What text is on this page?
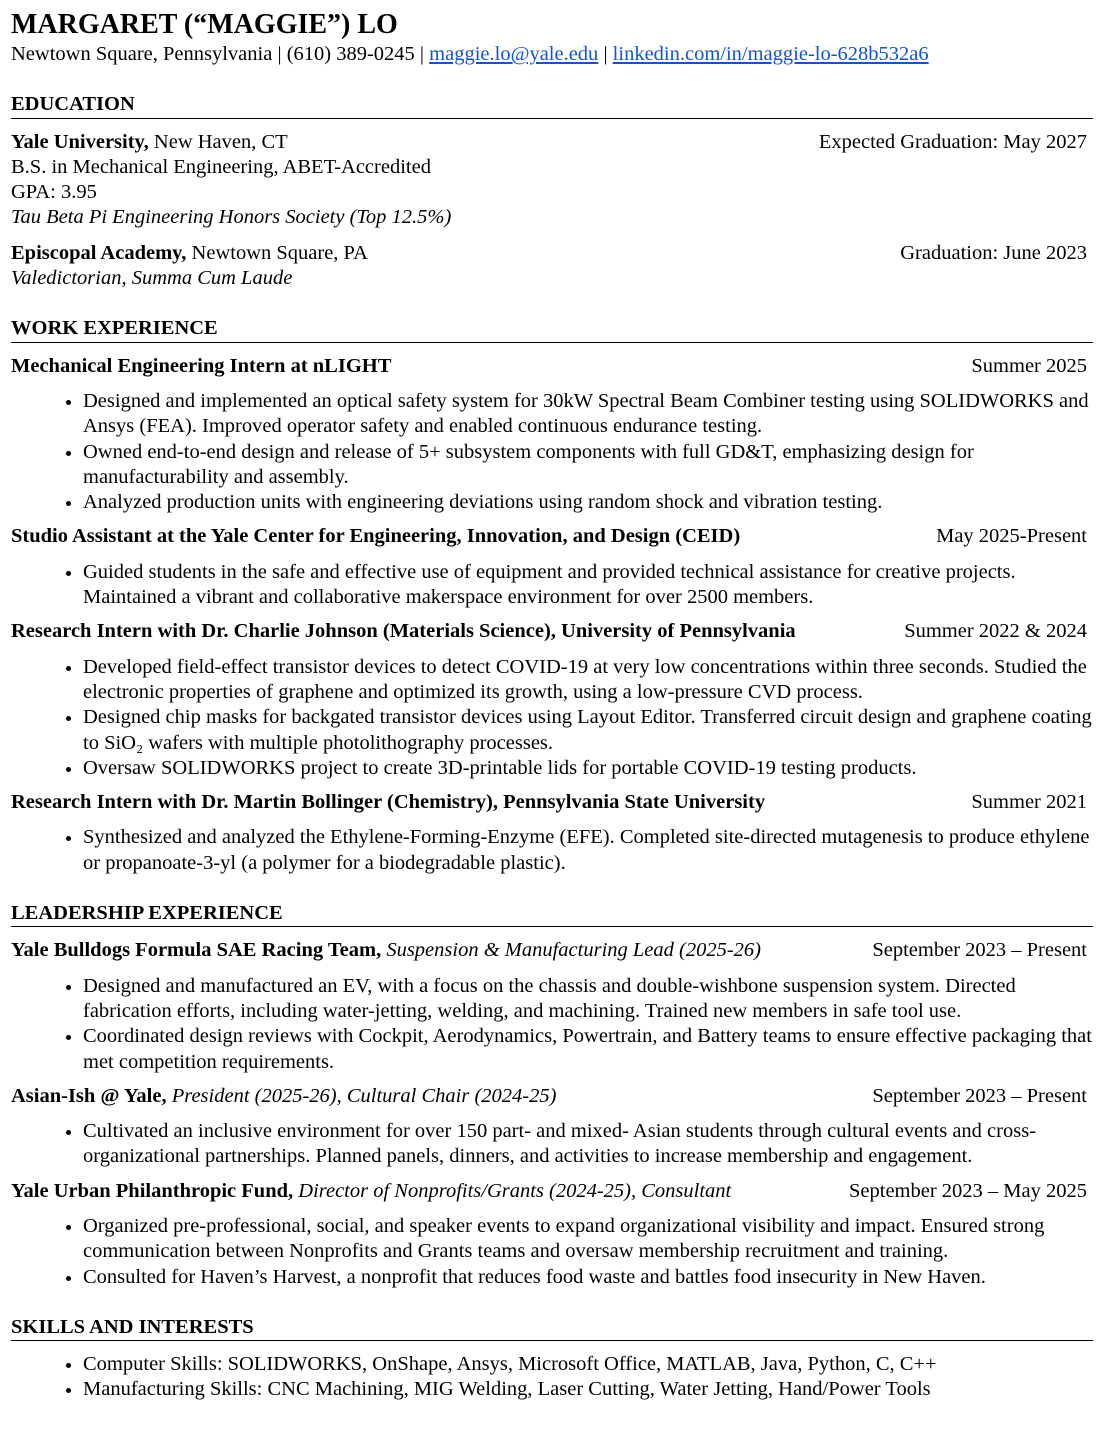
MARGARET (“MAGGIE”) LO
Newtown Square, Pennsylvania | (610) 389-0245 | maggie.lo@yale.edu | linkedin.com/in/maggie-lo-628b532a6
EDUCATION
Yale University, New Haven, CT	Expected Graduation: May 2027
B.S. in Mechanical Engineering, ABET-Accredited
GPA: 3.95
Tau Beta Pi Engineering Honors Society (Top 12.5%)
Episcopal Academy, Newtown Square, PA	Graduation: June 2023
Valedictorian, Summa Cum Laude
WORK EXPERIENCE
Mechanical Engineering Intern at nLIGHT	Summer 2025
• Designed and implemented an optical safety system for 30kW Spectral Beam Combiner testing using SOLIDWORKS and Ansys (FEA). Improved operator safety and enabled continuous endurance testing.
• Owned end-to-end design and release of 5+ subsystem components with full GD&T, emphasizing design for manufacturability and assembly.
• Analyzed production units with engineering deviations using random shock and vibration testing.
Studio Assistant at the Yale Center for Engineering, Innovation, and Design (CEID)	May 2025-Present
• Guided students in the safe and effective use of equipment and provided technical assistance for creative projects. Maintained a vibrant and collaborative makerspace environment for over 2500 members.
Research Intern with Dr. Charlie Johnson (Materials Science), University of Pennsylvania	Summer 2022 & 2024
• Developed field-effect transistor devices to detect COVID-19 at very low concentrations within three seconds. Studied the electronic properties of graphene and optimized its growth, using a low-pressure CVD process.
• Designed chip masks for backgated transistor devices using Layout Editor. Transferred circuit design and graphene coating to SiO₂ wafers with multiple photolithography processes.
• Oversaw SOLIDWORKS project to create 3D-printable lids for portable COVID-19 testing products.
Research Intern with Dr. Martin Bollinger (Chemistry), Pennsylvania State University	Summer 2021
• Synthesized and analyzed the Ethylene-Forming-Enzyme (EFE). Completed site-directed mutagenesis to produce ethylene or propanoate-3-yl (a polymer for a biodegradable plastic).
LEADERSHIP EXPERIENCE
Yale Bulldogs Formula SAE Racing Team, Suspension & Manufacturing Lead (2025-26)	September 2023 – Present
• Designed and manufactured an EV, with a focus on the chassis and double-wishbone suspension system. Directed fabrication efforts, including water-jetting, welding, and machining. Trained new members in safe tool use.
• Coordinated design reviews with Cockpit, Aerodynamics, Powertrain, and Battery teams to ensure effective packaging that met competition requirements.
Asian-Ish @ Yale, President (2025-26), Cultural Chair (2024-25)	September 2023 – Present
• Cultivated an inclusive environment for over 150 part- and mixed- Asian students through cultural events and cross-organizational partnerships. Planned panels, dinners, and activities to increase membership and engagement.
Yale Urban Philanthropic Fund, Director of Nonprofits/Grants (2024-25), Consultant	September 2023 – May 2025
• Organized pre-professional, social, and speaker events to expand organizational visibility and impact. Ensured strong communication between Nonprofits and Grants teams and oversaw membership recruitment and training.
• Consulted for Haven’s Harvest, a nonprofit that reduces food waste and battles food insecurity in New Haven.
SKILLS AND INTERESTS
• Computer Skills: SOLIDWORKS, OnShape, Ansys, Microsoft Office, MATLAB, Java, Python, C, C++
• Manufacturing Skills: CNC Machining, MIG Welding, Laser Cutting, Water Jetting, Hand/Power Tools
